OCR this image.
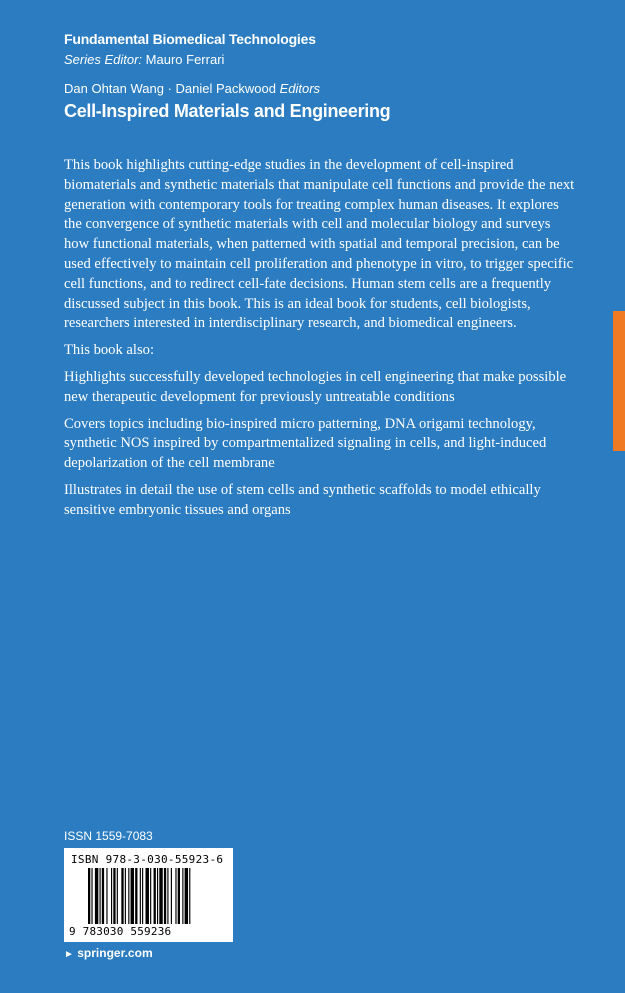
Fundamental Biomedical Technologies
Series Editor: Mauro Ferrari
Dan Ohtan Wang · Daniel Packwood Editors
Cell-Inspired Materials and Engineering

This book highlights cutting-edge studies in the development of cell-inspired
biomaterials and synthetic materials that manipulate cell functions and provide the next
generation with contemporary tools for treating complex human diseases. It explores
the convergence of synthetic materials with cell and molecular biology and surveys
how functional materials, when patterned with spatial and temporal precision, can be
used effectively to maintain cell proliferation and phenotype in vitro, to trigger specific
cell functions, and to redirect cell-fate decisions. Human stem cells are a frequently
discussed subject in this book. This is an ideal book for students, cell biologists,
researchers interested in interdisciplinary research, and biomedical engineers.

This book also:

Highlights successfully developed technologies in cell engineering that make possible
new therapeutic development for previously untreatable conditions

Covers topics including bio-inspired micro patterning, DNA origami technology,
synthetic NOS inspired by compartmentalized signaling in cells, and light-induced
depolarization of the cell membrane

Illustrates in detail the use of stem cells and synthetic scaffolds to model ethically
sensitive embryonic tissues and organs

ISSN 1559-7083
ISBN 978-3-030-55923-6
9 783030 559236
► springer.com
